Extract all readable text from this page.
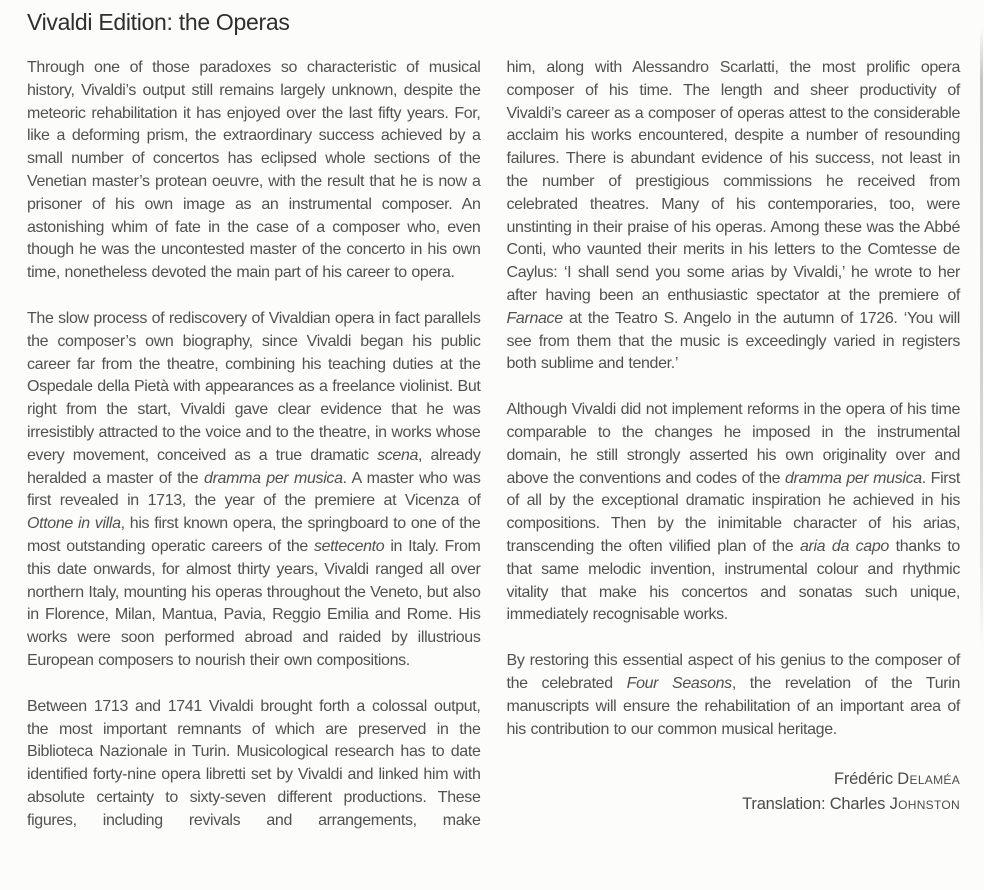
Vivaldi Edition: the Operas

Through one of those paradoxes so characteristic of musical history, Vivaldi’s output still remains largely unknown, despite the meteoric rehabilitation it has enjoyed over the last fifty years. For, like a deforming prism, the extraordinary success achieved by a small number of concertos has eclipsed whole sections of the Venetian master’s protean oeuvre, with the result that he is now a prisoner of his own image as an instrumental composer. An astonishing whim of fate in the case of a composer who, even though he was the uncontested master of the concerto in his own time, nonetheless devoted the main part of his career to opera.

The slow process of rediscovery of Vivaldian opera in fact parallels the composer’s own biography, since Vivaldi began his public career far from the theatre, combining his teaching duties at the Ospedale della Pietà with appearances as a freelance violinist. But right from the start, Vivaldi gave clear evidence that he was irresistibly attracted to the voice and to the theatre, in works whose every movement, conceived as a true dramatic scena, already heralded a master of the dramma per musica. A master who was first revealed in 1713, the year of the premiere at Vicenza of Ottone in villa, his first known opera, the springboard to one of the most outstanding operatic careers of the settecento in Italy. From this date onwards, for almost thirty years, Vivaldi ranged all over northern Italy, mounting his operas throughout the Veneto, but also in Florence, Milan, Mantua, Pavia, Reggio Emilia and Rome. His works were soon performed abroad and raided by illustrious European composers to nourish their own compositions.

Between 1713 and 1741 Vivaldi brought forth a colossal output, the most important remnants of which are preserved in the Biblioteca Nazionale in Turin. Musicological research has to date identified forty-nine opera libretti set by Vivaldi and linked him with absolute certainty to sixty-seven different productions. These figures, including revivals and arrangements, make

him, along with Alessandro Scarlatti, the most prolific opera composer of his time. The length and sheer productivity of Vivaldi’s career as a composer of operas attest to the considerable acclaim his works encountered, despite a number of resounding failures. There is abundant evidence of his success, not least in the number of prestigious commissions he received from celebrated theatres. Many of his contemporaries, too, were unstinting in their praise of his operas. Among these was the Abbé Conti, who vaunted their merits in his letters to the Comtesse de Caylus: ‘I shall send you some arias by Vivaldi,’ he wrote to her after having been an enthusiastic spectator at the premiere of Farnace at the Teatro S. Angelo in the autumn of 1726. ‘You will see from them that the music is exceedingly varied in registers both sublime and tender.’

Although Vivaldi did not implement reforms in the opera of his time comparable to the changes he imposed in the instrumental domain, he still strongly asserted his own originality over and above the conventions and codes of the dramma per musica. First of all by the exceptional dramatic inspiration he achieved in his compositions. Then by the inimitable character of his arias, transcending the often vilified plan of the aria da capo thanks to that same melodic invention, instrumental colour and rhythmic vitality that make his concertos and sonatas such unique, immediately recognisable works.

By restoring this essential aspect of his genius to the composer of the celebrated Four Seasons, the revelation of the Turin manuscripts will ensure the rehabilitation of an important area of his contribution to our common musical heritage.

Frédéric Delaméa
Translation: Charles Johnston
